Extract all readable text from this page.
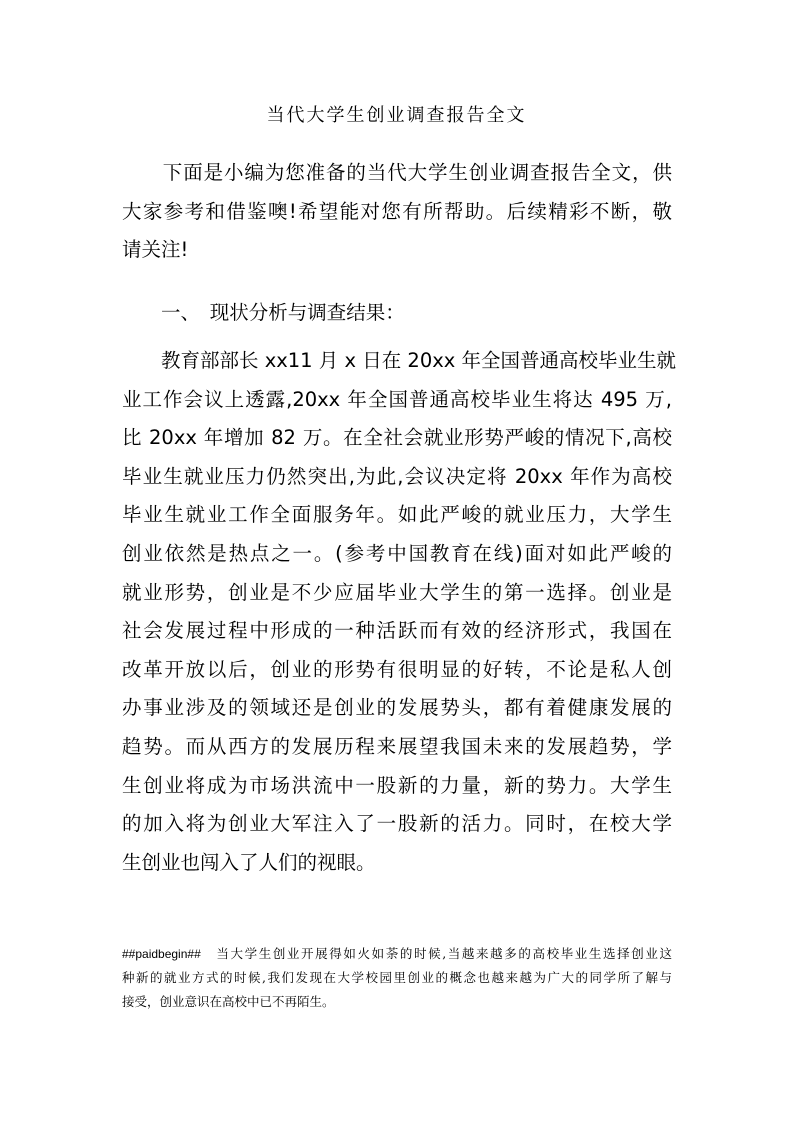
当代大学生创业调查报告全文

　　下面是小编为您准备的当代大学生创业调查报告全文，供
大家参考和借鉴噢!希望能对您有所帮助。后续精彩不断，敬
请关注!

　　一、　现状分析与调查结果：

　　教育部部长 xx11 月 x 日在 20xx 年全国普通高校毕业生就
业工作会议上透露,20xx 年全国普通高校毕业生将达 495 万,
比 20xx 年增加 82 万。在全社会就业形势严峻的情况下,高校
毕业生就业压力仍然突出,为此,会议决定将 20xx 年作为高校
毕业生就业工作全面服务年。如此严峻的就业压力，大学生
创业依然是热点之一。(参考中国教育在线)面对如此严峻的
就业形势，创业是不少应届毕业大学生的第一选择。创业是
社会发展过程中形成的一种活跃而有效的经济形式，我国在
改革开放以后，创业的形势有很明显的好转，不论是私人创
办事业涉及的领域还是创业的发展势头，都有着健康发展的
趋势。而从西方的发展历程来展望我国未来的发展趋势，学
生创业将成为市场洪流中一股新的力量，新的势力。大学生
的加入将为创业大军注入了一股新的活力。同时，在校大学
生创业也闯入了人们的视眼。

##paidbegin## 当大学生创业开展得如火如荼的时候,当越来越多的高校毕业生选择创业这
种新的就业方式的时候,我们发现在大学校园里创业的概念也越来越为广大的同学所了解与
接受，创业意识在高校中已不再陌生。
